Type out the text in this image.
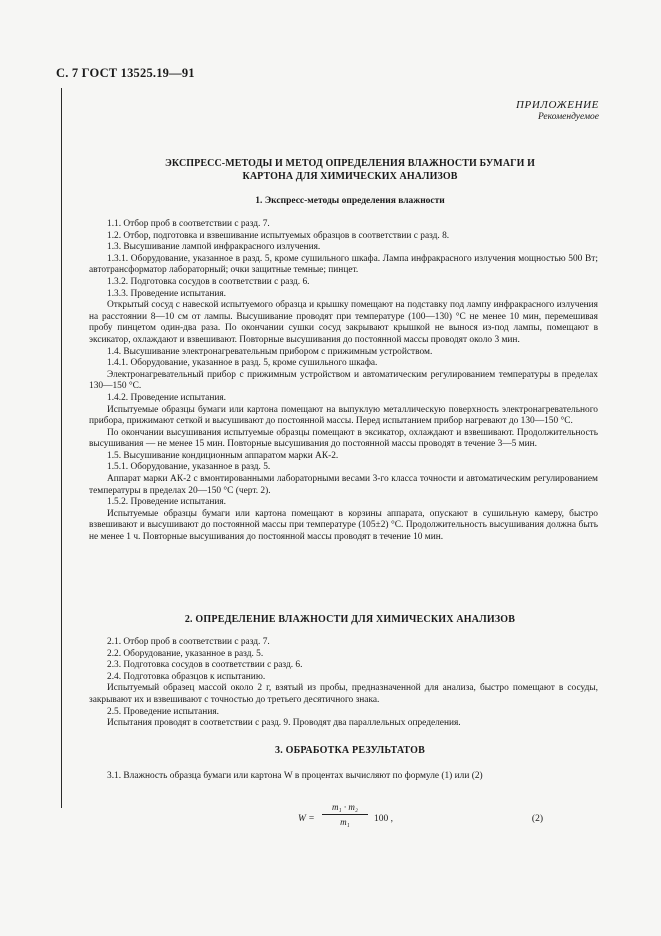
С. 7 ГОСТ 13525.19—91
ПРИЛОЖЕНИЕ
Рекомендуемое
ЭКСПРЕСС-МЕТОДЫ И МЕТОД ОПРЕДЕЛЕНИЯ ВЛАЖНОСТИ БУМАГИ И
КАРТОНА ДЛЯ ХИМИЧЕСКИХ АНАЛИЗОВ
1. Экспресс-методы определения влажности

1.1. Отбор проб в соответствии с разд. 7.

1.2. Отбор, подготовка и взвешивание испытуемых образцов в соответствии с разд. 8.

1.3. Высушивание лампой инфракрасного излучения.

1.3.1. Оборудование, указанное в разд. 5, кроме сушильного шкафа. Лампа инфракрасного излучения мощностью 500 Вт; автотрансформатор лабораторный; очки защитные темные; пинцет.

1.3.2. Подготовка сосудов в соответствии с разд. 6.

1.3.3. Проведение испытания.

Открытый сосуд с навеской испытуемого образца и крышку помещают на подставку под лампу инфракрасного излучения на расстоянии 8—10 см от лампы. Высушивание проводят при температуре (100—130) °С не менее 10 мин, перемешивая пробу пинцетом один-два раза. По окончании сушки сосуд закрывают крышкой не вынося из-под лампы, помещают в эксикатор, охлаждают и взвешивают. Повторные высушивания до постоянной массы проводят около 3 мин.

1.4. Высушивание электронагревательным прибором с прижимным устройством.

1.4.1. Оборудование, указанное в разд. 5, кроме сушильного шкафа.

Электронагревательный прибор с прижимным устройством и автоматическим регулированием температуры в пределах 130—150 °С.

1.4.2. Проведение испытания.

Испытуемые образцы бумаги или картона помещают на выпуклую металлическую поверхность электронагревательного прибора, прижимают сеткой и высушивают до постоянной массы. Перед испытанием прибор нагревают до 130—150 °С.

По окончании высушивания испытуемые образцы помещают в эксикатор, охлаждают и взвешивают. Продолжительность высушивания — не менее 15 мин. Повторные высушивания до постоянной массы проводят в течение 3—5 мин.

1.5. Высушивание кондиционным аппаратом марки АК-2.

1.5.1. Оборудование, указанное в разд. 5.

Аппарат марки АК-2 с вмонтированными лабораторными весами 3-го класса точности и автоматическим регулированием температуры в пределах 20—150 °С (черт. 2).

1.5.2. Проведение испытания.

Испытуемые образцы бумаги или картона помещают в корзины аппарата, опускают в сушильную камеру, быстро взвешивают и высушивают до постоянной массы при температуре (105±2) °С. Продолжительность высушивания должна быть не менее 1 ч. Повторные высушивания до постоянной массы проводят в течение 10 мин.

2. ОПРЕДЕЛЕНИЕ ВЛАЖНОСТИ ДЛЯ ХИМИЧЕСКИХ АНАЛИЗОВ

2.1. Отбор проб в соответствии с разд. 7.

2.2. Оборудование, указанное в разд. 5.

2.3. Подготовка сосудов в соответствии с разд. 6.

2.4. Подготовка образцов к испытанию.

Испытуемый образец массой около 2 г, взятый из пробы, предназначенной для анализа, быстро помещают в сосуды, закрывают их и взвешивают с точностью до третьего десятичного знака.

2.5. Проведение испытания.

Испытания проводят в соответствии с разд. 9. Проводят два параллельных определения.

3. ОБРАБОТКА РЕЗУЛЬТАТОВ

3.1. Влажность образца бумаги или картона W в процентах вычисляют по формуле (1) или (2)

W =
m₁ · m₂
m₁	100 ,	(2)
